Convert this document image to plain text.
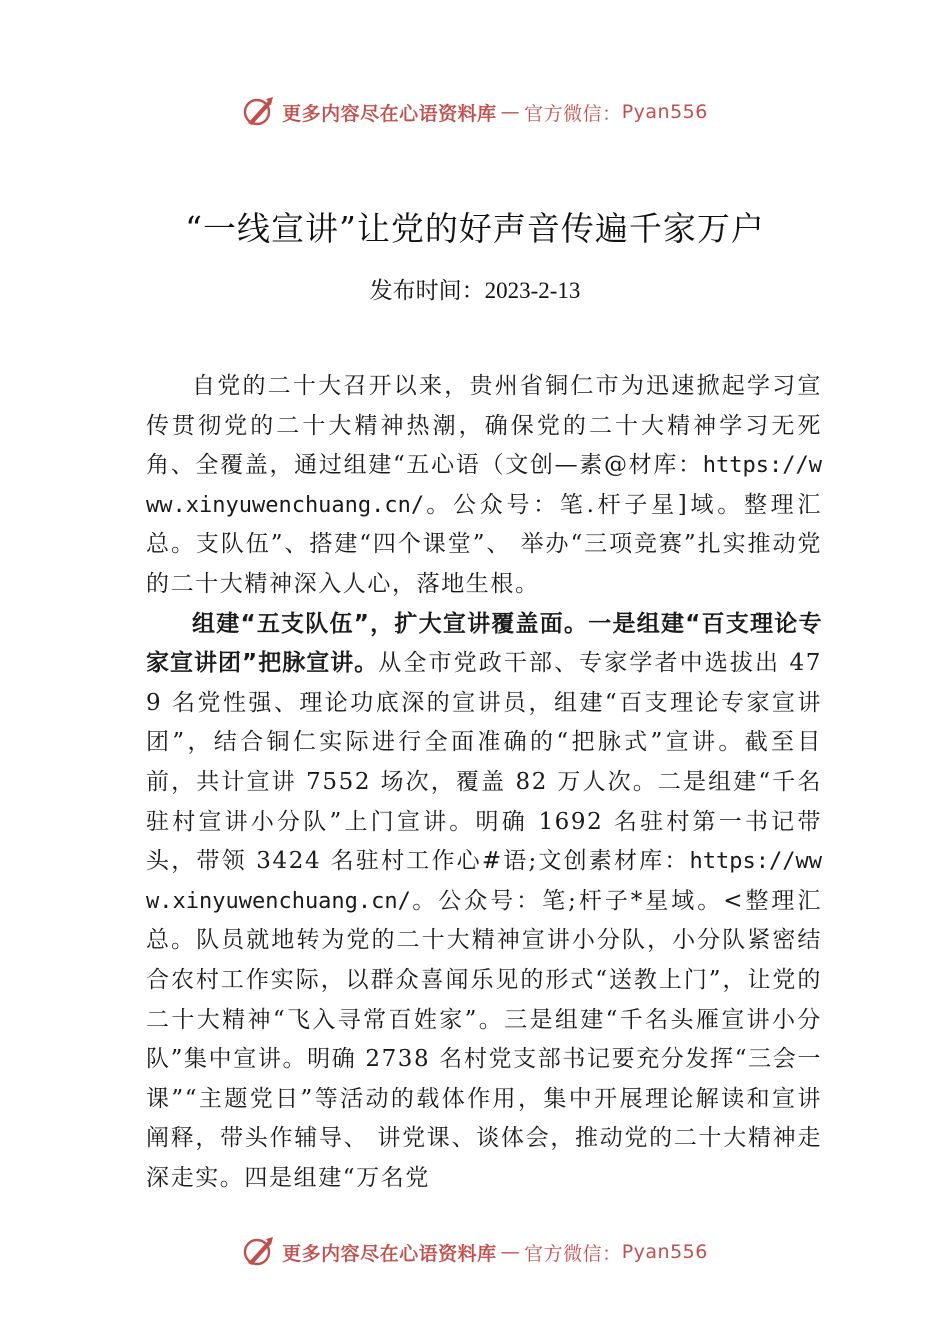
更多内容尽在心语资料库 — 官方微信： Pyan556
“一线宣讲”让党的好声音传遍千家万户
发布时间：2023-2-13

自党的二十大召开以来，贵州省铜仁市为迅速掀起学习宣传贯彻党的二十大精神热潮，确保党的二十大精神学习无死角、全覆盖，通过组建“五心语（文创—素@材库：https://www.xinyuwenchuang.cn/。公众号：笔.杆子星]域。整理汇总。支队伍”、搭建“四个课堂”、 举办“三项竞赛”扎实推动党的二十大精神深入人心，落地生根。

组建“五支队伍”，扩大宣讲覆盖面。一是组建“百支理论专家宣讲团”把脉宣讲。从全市党政干部、专家学者中选拔出 479 名党性强、理论功底深的宣讲员，组建“百支理论专家宣讲团”，结合铜仁实际进行全面准确的“把脉式”宣讲。截至目前，共计宣讲 7552 场次，覆盖 82 万人次。二是组建“千名驻村宣讲小分队”上门宣讲。明确 1692 名驻村第一书记带头，带领 3424 名驻村工作心#语;文创素材库：https://www.xinyuwenchuang.cn/。公众号：笔;杆子*星域。<整理汇总。队员就地转为党的二十大精神宣讲小分队，小分队紧密结合农村工作实际，以群众喜闻乐见的形式“送教上门”，让党的二十大精神“飞入寻常百姓家”。三是组建“千名头雁宣讲小分队”集中宣讲。明确 2738 名村党支部书记要充分发挥“三会一课”“主题党日”等活动的载体作用，集中开展理论解读和宣讲阐释，带头作辅导、 讲党课、谈体会，推动党的二十大精神走深走实。四是组建“万名党

更多内容尽在心语资料库 — 官方微信： Pyan556
